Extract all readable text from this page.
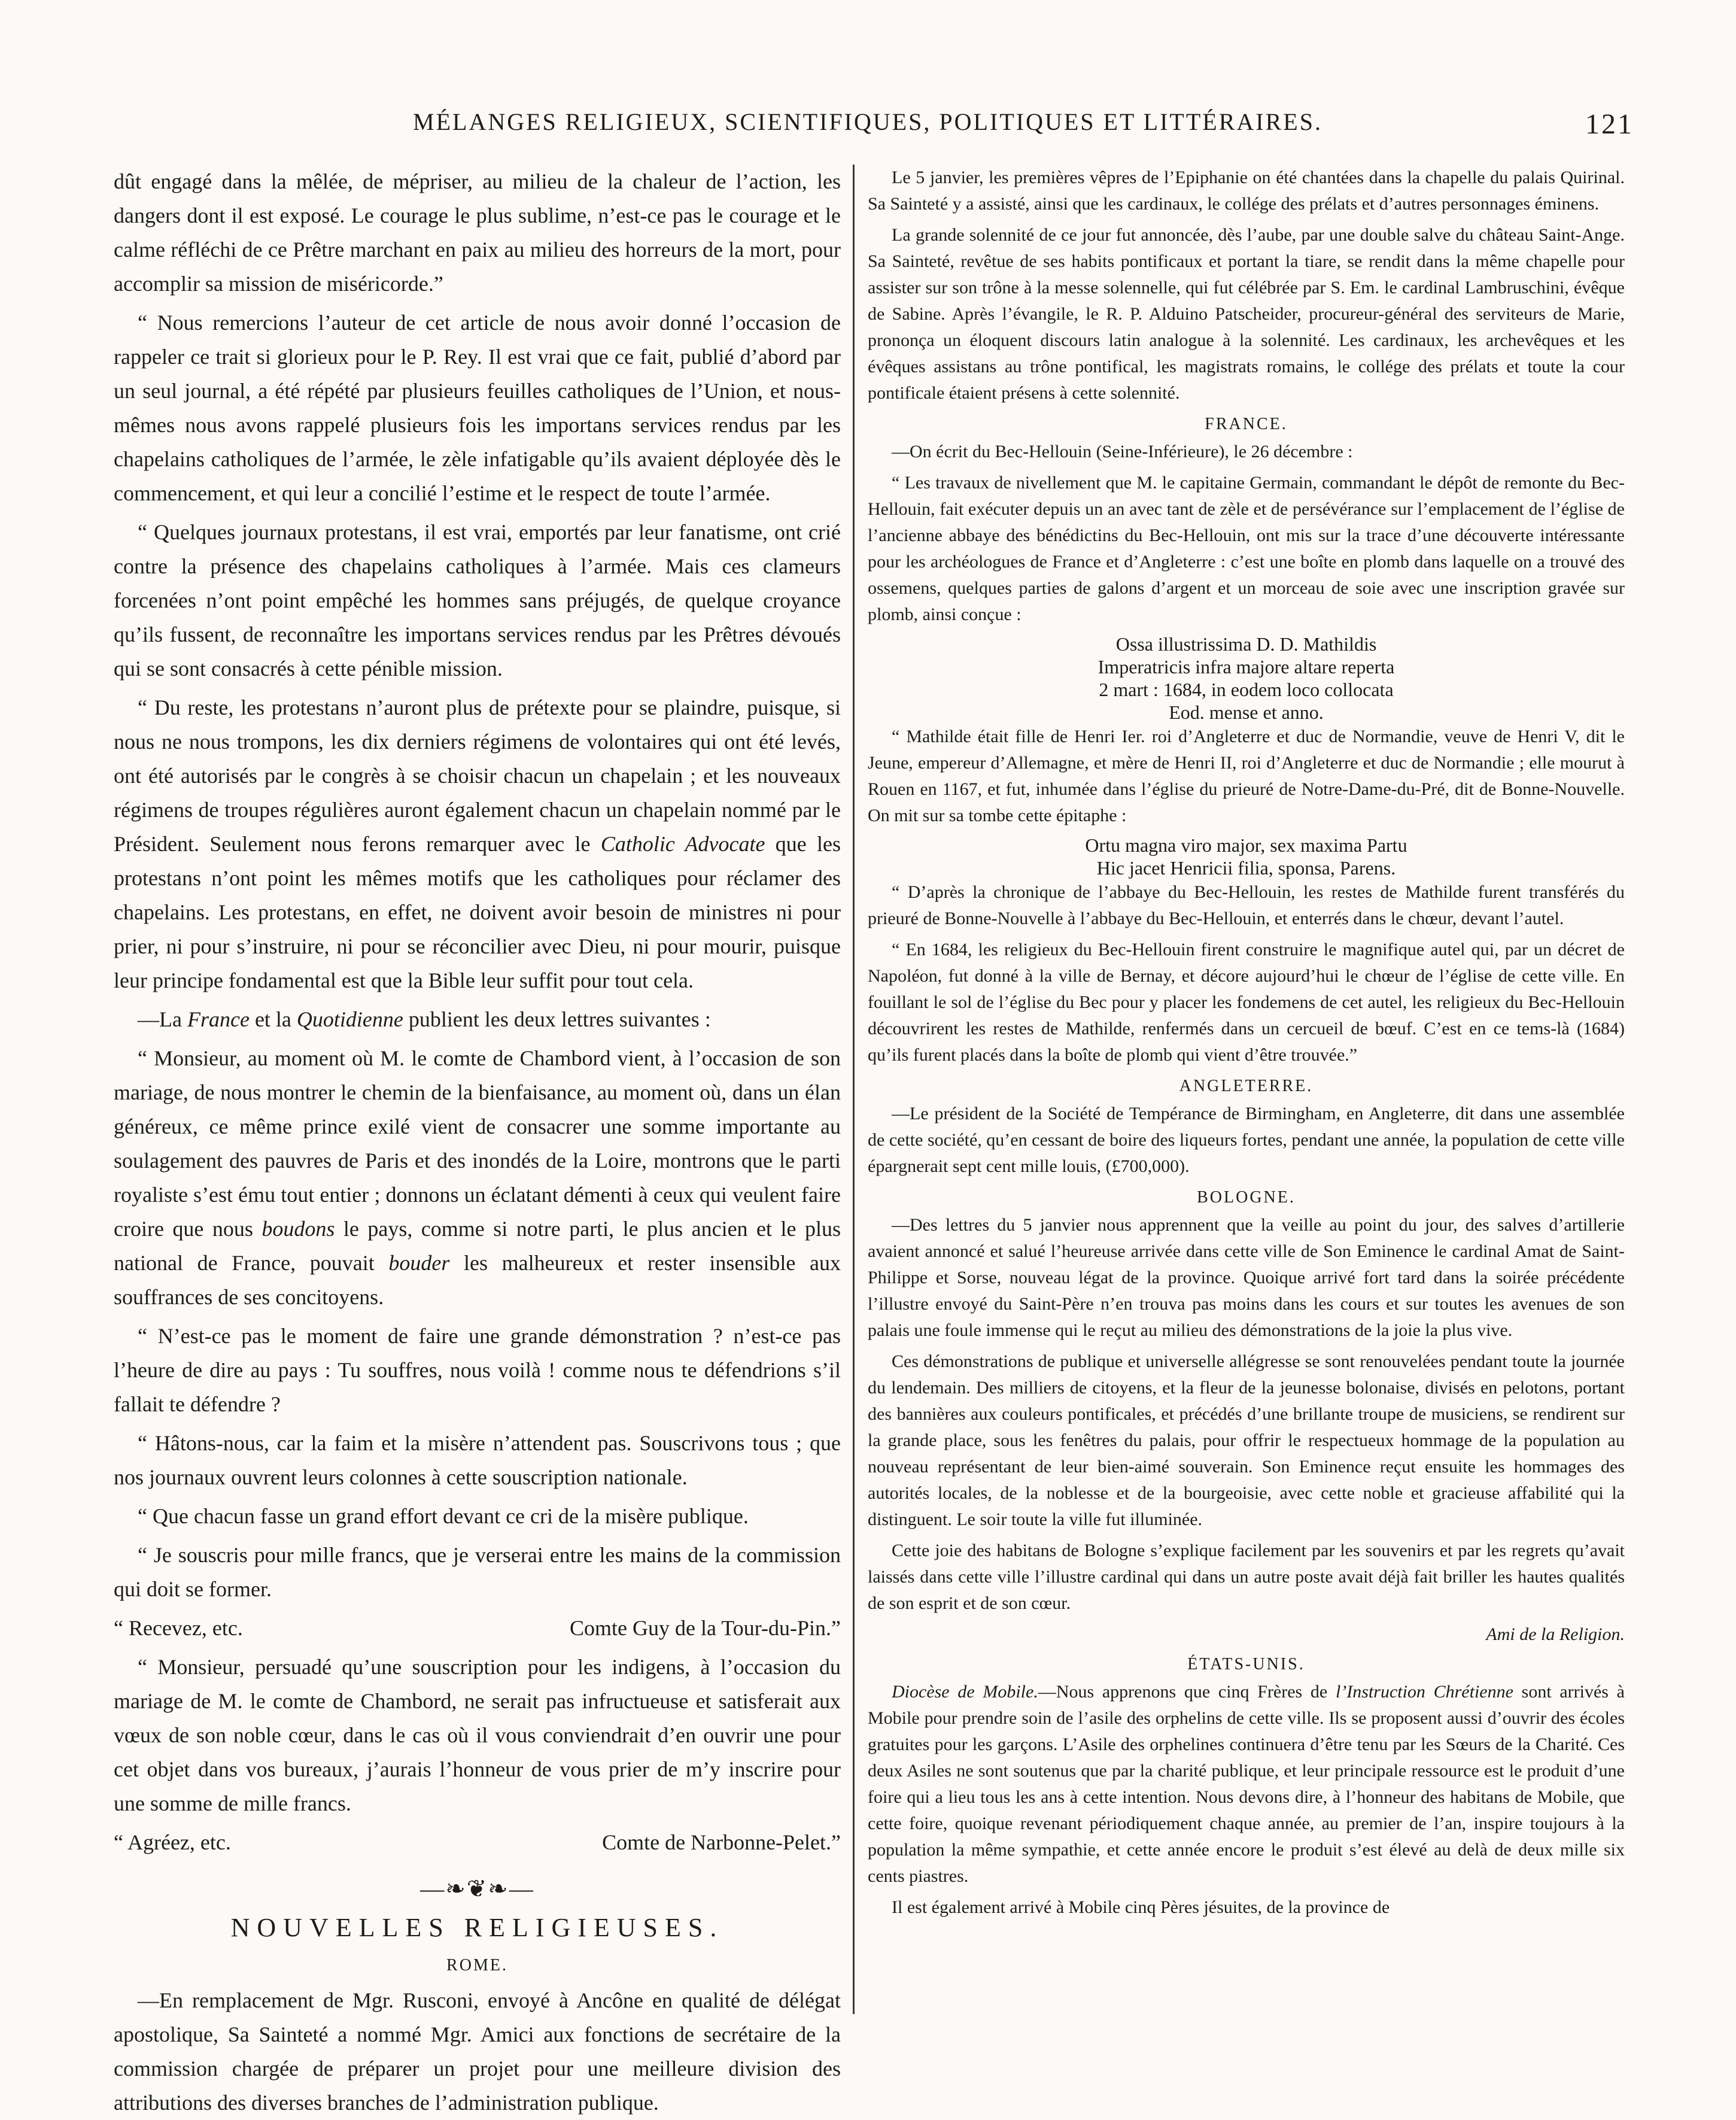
MÉLANGES RELIGIEUX, SCIENTIFIQUES, POLITIQUES ET LITTÉRAIRES.	121

dût engagé dans la mêlée, de mépriser, au milieu de la chaleur de l’action, les dangers dont il est exposé. Le courage le plus sublime, n’est-ce pas le courage et le calme réfléchi de ce Prêtre marchant en paix au milieu des horreurs de la mort, pour accomplir sa mission de miséricorde.”

“ Nous remercions l’auteur de cet article de nous avoir donné l’occasion de rappeler ce trait si glorieux pour le P. Rey. Il est vrai que ce fait, publié d’abord par un seul journal, a été répété par plusieurs feuilles catholiques de l’Union, et nous-mêmes nous avons rappelé plusieurs fois les importans services rendus par les chapelains catholiques de l’armée, le zèle infatigable qu’ils avaient déployée dès le commencement, et qui leur a concilié l’estime et le respect de toute l’armée.

“ Quelques journaux protestans, il est vrai, emportés par leur fanatisme, ont crié contre la présence des chapelains catholiques à l’armée. Mais ces clameurs forcenées n’ont point empêché les hommes sans préjugés, de quelque croyance qu’ils fussent, de reconnaître les importans services rendus par les Prêtres dévoués qui se sont consacrés à cette pénible mission.

“ Du reste, les protestans n’auront plus de prétexte pour se plaindre, puisque, si nous ne nous trompons, les dix derniers régimens de volontaires qui ont été levés, ont été autorisés par le congrès à se choisir chacun un chapelain ; et les nouveaux régimens de troupes régulières auront également chacun un chapelain nommé par le Président. Seulement nous ferons remarquer avec le Catholic Advocate que les protestans n’ont point les mêmes motifs que les catholiques pour réclamer des chapelains. Les protestans, en effet, ne doivent avoir besoin de ministres ni pour prier, ni pour s’instruire, ni pour se réconcilier avec Dieu, ni pour mourir, puisque leur principe fondamental est que la Bible leur suffit pour tout cela.

—La France et la Quotidienne publient les deux lettres suivantes :

“ Monsieur, au moment où M. le comte de Chambord vient, à l’occasion de son mariage, de nous montrer le chemin de la bienfaisance, au moment où, dans un élan généreux, ce même prince exilé vient de consacrer une somme importante au soulagement des pauvres de Paris et des inondés de la Loire, montrons que le parti royaliste s’est ému tout entier ; donnons un éclatant démenti à ceux qui veulent faire croire que nous boudons le pays, comme si notre parti, le plus ancien et le plus national de France, pouvait bouder les malheureux et rester insensible aux souffrances de ses concitoyens.

“ N’est-ce pas le moment de faire une grande démonstration ? n’est-ce pas l’heure de dire au pays : Tu souffres, nous voilà ! comme nous te défendrions s’il fallait te défendre ?

“ Hâtons-nous, car la faim et la misère n’attendent pas. Souscrivons tous ; que nos journaux ouvrent leurs colonnes à cette souscription nationale.

“ Que chacun fasse un grand effort devant ce cri de la misère publique.

“ Je souscris pour mille francs, que je verserai entre les mains de la commission qui doit se former.

“ Recevez, etc.	Comte Guy de la Tour-du-Pin.”

“ Monsieur, persuadé qu’une souscription pour les indigens, à l’occasion du mariage de M. le comte de Chambord, ne serait pas infructueuse et satisferait aux vœux de son noble cœur, dans le cas où il vous conviendrait d’en ouvrir une pour cet objet dans vos bureaux, j’aurais l’honneur de vous prier de m’y inscrire pour une somme de mille francs.

“ Agréez, etc.	Comte de Narbonne-Pelet.”

—❧❦❧—
NOUVELLES RELIGIEUSES.
ROME.

—En remplacement de Mgr. Rusconi, envoyé à Ancône en qualité de délégat apostolique, Sa Sainteté a nommé Mgr. Amici aux fonctions de secrétaire de la commission chargée de préparer un projet pour une meilleure division des attributions des diverses branches de l’administration publique.

Le 5 janvier, les premières vêpres de l’Epiphanie on été chantées dans la chapelle du palais Quirinal. Sa Sainteté y a assisté, ainsi que les cardinaux, le collége des prélats et d’autres personnages éminens.

La grande solennité de ce jour fut annoncée, dès l’aube, par une double salve du château Saint-Ange. Sa Sainteté, revêtue de ses habits pontificaux et portant la tiare, se rendit dans la même chapelle pour assister sur son trône à la messe solennelle, qui fut célébrée par S. Em. le cardinal Lambruschini, évêque de Sabine. Après l’évangile, le R. P. Alduino Patscheider, procureur-général des serviteurs de Marie, prononça un éloquent discours latin analogue à la solennité. Les cardinaux, les archevêques et les évêques assistans au trône pontifical, les magistrats romains, le collége des prélats et toute la cour pontificale étaient présens à cette solennité.

FRANCE.

—On écrit du Bec-Hellouin (Seine-Inférieure), le 26 décembre :

“ Les travaux de nivellement que M. le capitaine Germain, commandant le dépôt de remonte du Bec-Hellouin, fait exécuter depuis un an avec tant de zèle et de persévérance sur l’emplacement de l’église de l’ancienne abbaye des bénédictins du Bec-Hellouin, ont mis sur la trace d’une découverte intéressante pour les archéologues de France et d’Angleterre : c’est une boîte en plomb dans laquelle on a trouvé des ossemens, quelques parties de galons d’argent et un morceau de soie avec une inscription gravée sur plomb, ainsi conçue :

Ossa illustrissima D. D. Mathildis

Imperatricis infra majore altare reperta

2 mart : 1684, in eodem loco collocata

Eod. mense et anno.

“ Mathilde était fille de Henri Ier. roi d’Angleterre et duc de Normandie, veuve de Henri V, dit le Jeune, empereur d’Allemagne, et mère de Henri II, roi d’Angleterre et duc de Normandie ; elle mourut à Rouen en 1167, et fut, inhumée dans l’église du prieuré de Notre-Dame-du-Pré, dit de Bonne-Nouvelle. On mit sur sa tombe cette épitaphe :

Ortu magna viro major, sex maxima Partu

Hic jacet Henricii filia, sponsa, Parens.

“ D’après la chronique de l’abbaye du Bec-Hellouin, les restes de Mathilde furent transférés du prieuré de Bonne-Nouvelle à l’abbaye du Bec-Hellouin, et enterrés dans le chœur, devant l’autel.

“ En 1684, les religieux du Bec-Hellouin firent construire le magnifique autel qui, par un décret de Napoléon, fut donné à la ville de Bernay, et décore aujourd’hui le chœur de l’église de cette ville. En fouillant le sol de l’église du Bec pour y placer les fondemens de cet autel, les religieux du Bec-Hellouin découvrirent les restes de Mathilde, renfermés dans un cercueil de bœuf. C’est en ce tems-là (1684) qu’ils furent placés dans la boîte de plomb qui vient d’être trouvée.”

ANGLETERRE.

—Le président de la Société de Tempérance de Birmingham, en Angleterre, dit dans une assemblée de cette société, qu’en cessant de boire des liqueurs fortes, pendant une année, la population de cette ville épargnerait sept cent mille louis, (£700,000).

BOLOGNE.

—Des lettres du 5 janvier nous apprennent que la veille au point du jour, des salves d’artillerie avaient annoncé et salué l’heureuse arrivée dans cette ville de Son Eminence le cardinal Amat de Saint-Philippe et Sorse, nouveau légat de la province. Quoique arrivé fort tard dans la soirée précédente l’illustre envoyé du Saint-Père n’en trouva pas moins dans les cours et sur toutes les avenues de son palais une foule immense qui le reçut au milieu des démonstrations de la joie la plus vive.

Ces démonstrations de publique et universelle allégresse se sont renouvelées pendant toute la journée du lendemain. Des milliers de citoyens, et la fleur de la jeunesse bolonaise, divisés en pelotons, portant des bannières aux couleurs pontificales, et précédés d’une brillante troupe de musiciens, se rendirent sur la grande place, sous les fenêtres du palais, pour offrir le respectueux hommage de la population au nouveau représentant de leur bien-aimé souverain. Son Eminence reçut ensuite les hommages des autorités locales, de la noblesse et de la bourgeoisie, avec cette noble et gracieuse affabilité qui la distinguent. Le soir toute la ville fut illuminée.

Cette joie des habitans de Bologne s’explique facilement par les souvenirs et par les regrets qu’avait laissés dans cette ville l’illustre cardinal qui dans un autre poste avait déjà fait briller les hautes qualités de son esprit et de son cœur.

Ami de la Religion.

ÉTATS-UNIS.

Diocèse de Mobile.—Nous apprenons que cinq Frères de l’Instruction Chrétienne sont arrivés à Mobile pour prendre soin de l’asile des orphelins de cette ville. Ils se proposent aussi d’ouvrir des écoles gratuites pour les garçons. L’Asile des orphelines continuera d’être tenu par les Sœurs de la Charité. Ces deux Asiles ne sont soutenus que par la charité publique, et leur principale ressource est le produit d’une foire qui a lieu tous les ans à cette intention. Nous devons dire, à l’honneur des habitans de Mobile, que cette foire, quoique revenant périodiquement chaque année, au premier de l’an, inspire toujours à la population la même sympathie, et cette année encore le produit s’est élevé au delà de deux mille six cents piastres.

Il est également arrivé à Mobile cinq Pères jésuites, de la province de
